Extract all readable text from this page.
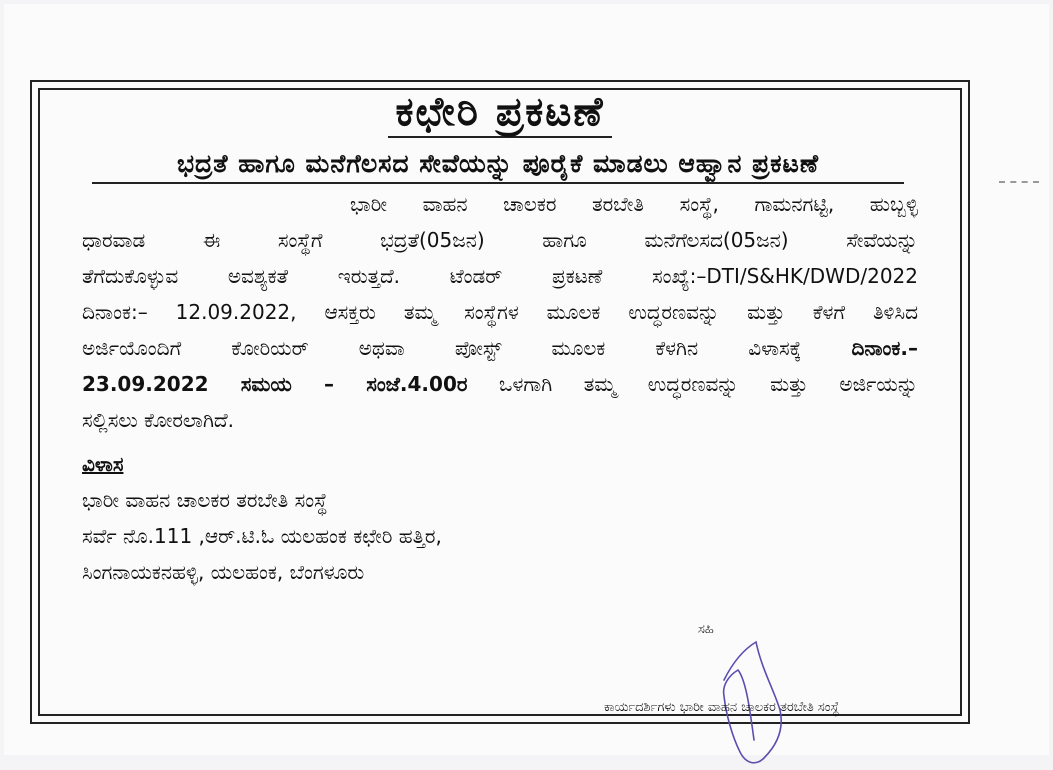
ಕಛೇರಿ ಪ್ರಕಟಣೆ
ಭದ್ರತೆ ಹಾಗೂ ಮನೆಗೆಲಸದ ಸೇವೆಯನ್ನು ಪೂರೈಕೆ ಮಾಡಲು ಆಹ್ವಾನ ಪ್ರಕಟಣೆ
ಭಾರೀ ವಾಹನ ಚಾಲಕರ ತರಬೇತಿ ಸಂಸ್ಥೆ, ಗಾಮನಗಟ್ಟಿ, ಹುಬ್ಬಳ್ಳಿ
ಧಾರವಾಡ ಈ ಸಂಸ್ಥೆಗೆ ಭದ್ರತೆ(05ಜನ) ಹಾಗೂ ಮನೆಗೆಲಸದ(05ಜನ) ಸೇವೆಯನ್ನು
ತೆಗೆದುಕೊಳ್ಳುವ ಅವಶ್ಯಕತೆ ಇರುತ್ತದೆ. ಟೆಂಡರ್ ಪ್ರಕಟಣೆ ಸಂಖ್ಯೆ:–DTI/S&HK/DWD/2022
ದಿನಾಂಕ:– 12.09.2022, ಆಸಕ್ತರು ತಮ್ಮ ಸಂಸ್ಥೆಗಳ ಮೂಲಕ ಉದ್ಧರಣವನ್ನು ಮತ್ತು ಕೆಳಗೆ ತಿಳಿಸಿದ
ಅರ್ಜಿಯೊಂದಿಗೆ ಕೋರಿಯರ್ ಅಥವಾ ಪೋಸ್ಟ್ ಮೂಲಕ ಕೆಳಗಿನ ವಿಳಾಸಕ್ಕೆ	ದಿನಾಂಕ.–
23.09.2022 ಸಮಯ – ಸಂಜೆ.4.00ರ ಒಳಗಾಗಿ ತಮ್ಮ ಉದ್ಧರಣವನ್ನು ಮತ್ತು ಅರ್ಜಿಯನ್ನು
ಸಲ್ಲಿಸಲು ಕೋರಲಾಗಿದೆ.
ವಿಳಾಸ
ಭಾರೀ ವಾಹನ ಚಾಲಕರ ತರಬೇತಿ ಸಂಸ್ಥೆ
ಸರ್ವೆ ನೊ.111 ,ಆರ್.ಟಿ.ಓ ಯಲಹಂಕ ಕಛೇರಿ ಹತ್ತಿರ,
ಸಿಂಗನಾಯಕನಹಳ್ಳಿ, ಯಲಹಂಕ, ಬೆಂಗಳೂರು
ಸಹಿ
ಕಾರ್ಯದರ್ಶಿಗಳು ಭಾರೀ ವಾಹನ ಚಾಲಕರ ತರಬೇತಿ ಸಂಸ್ಥೆ
